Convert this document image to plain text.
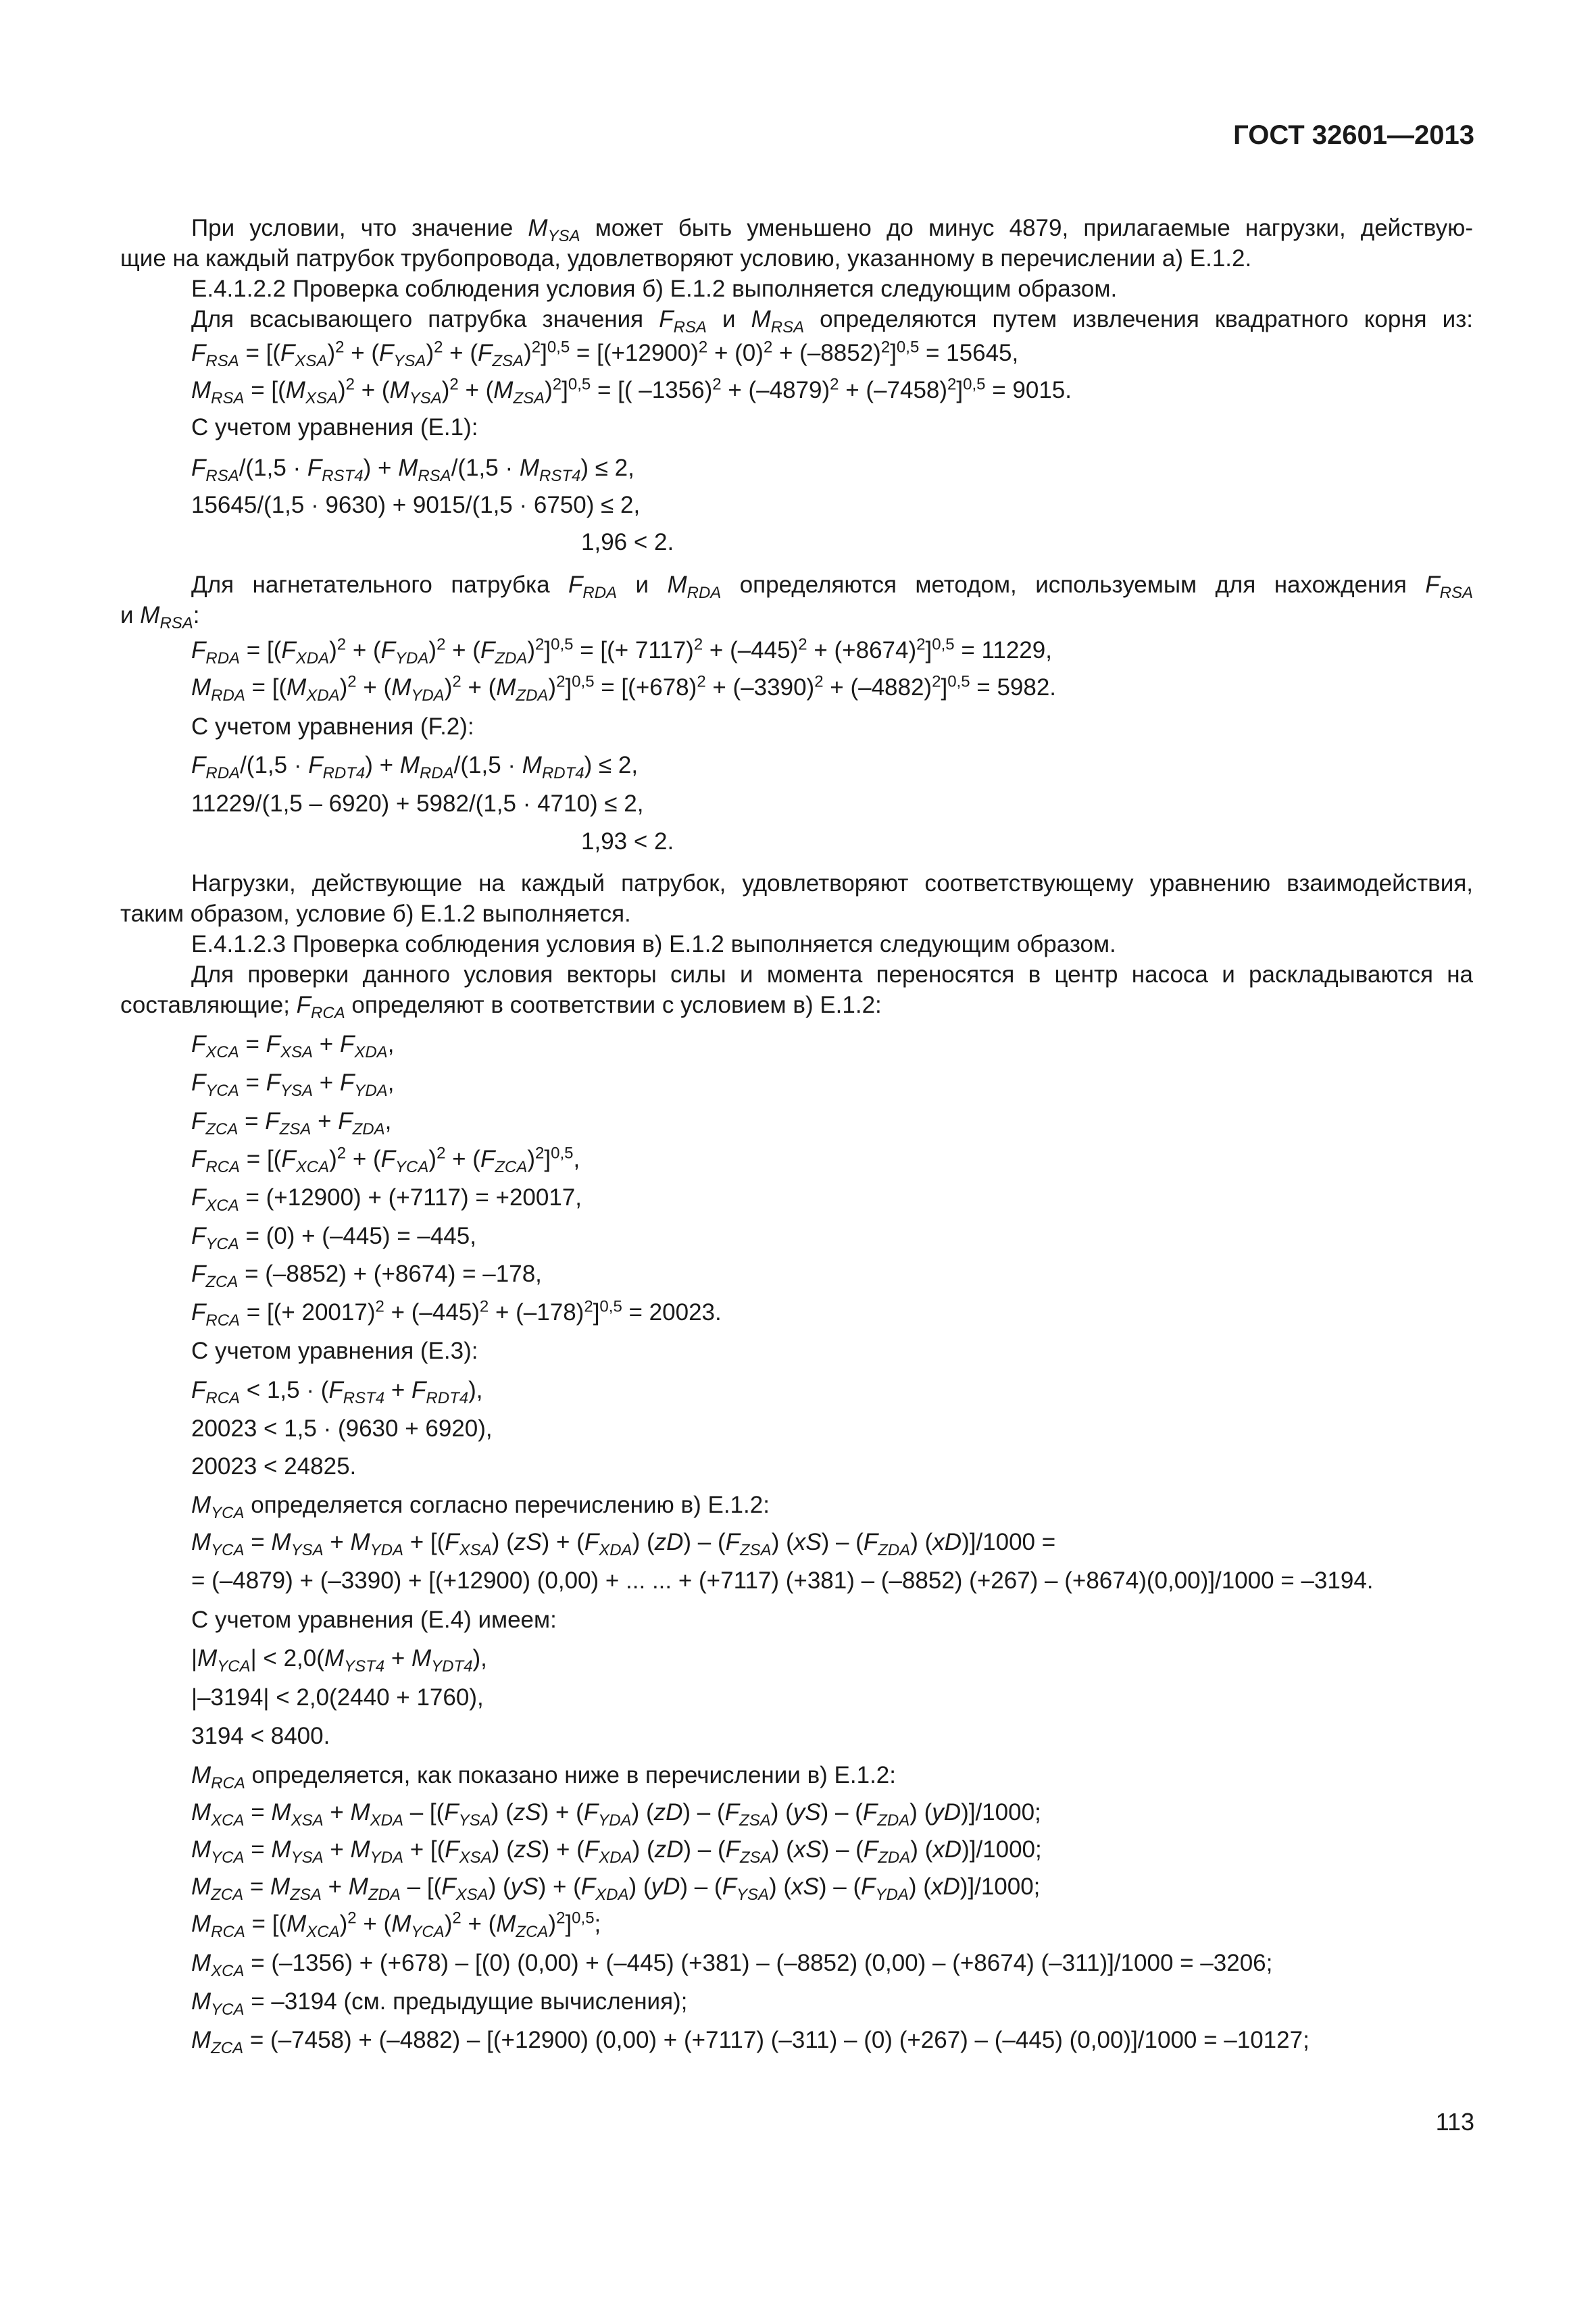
ГОСТ 32601—2013
При условии, что значение $M_{YSA}$ может быть уменьшено до минус 4879, прилагаемые нагрузки, действую-
щие на каждый патрубок трубопровода, удовлетворяют условию, указанному в перечислении а) Е.1.2.
Е.4.1.2.2 Проверка соблюдения условия б) Е.1.2 выполняется следующим образом.
Для всасывающего патрубка значения $F_{RSA}$ и $M_{RSA}$ определяются путем извлечения квадратного корня из:
$F_{RSA} = [(F_{XSA})^2 + (F_{YSA})^2 + (F_{ZSA})^2]^{0,5} = [(+12900)^2 + (0)^2 + (-8852)^2]^{0,5} = 15645$,
$M_{RSA} = [(M_{XSA})^2 + (M_{YSA})^2 + (M_{ZSA})^2]^{0,5}$ = [( $-1356)^2 + (-4879)^2 + (-7458)^2]^{0,5} = 9015$.
С учетом уравнения (Е.1):
$F_{RSA}/(1,5 \cdot F_{RST4}) + M_{RSA}/(1,5 \cdot M_{RST4}) \le 2$,
15645/(1,5 · 9630) + 9015/(1,5 · 6750) ≤ 2,
1,96 < 2.
Для нагнетательного патрубка $F_{RDA}$ и $M_{RDA}$ определяются методом, используемым для нахождения $F_{RSA}$
и $M_{RSA}$:
$F_{RDA} = [(F_{XDA})^2 + (F_{YDA})^2 + (F_{ZDA})^2]^{0,5}$ = [(+ $7117)^2 + (-445)^2 + (+8674)^2]^{0,5} = 11229$,
$M_{RDA} = [(M_{XDA})^2 + (M_{YDA})^2 + (M_{ZDA})^2]^{0,5} = [(+678)^2 + (-3390)^2 + (-4882)^2]^{0,5} = 5982$.
С учетом уравнения (F.2):
$F_{RDA}/(1,5 \cdot F_{RDT4}) + M_{RDA}/(1,5 \cdot M_{RDT4}) \le 2$,
11229/(1,5 – 6920) + 5982/(1,5 · 4710) ≤ 2,
1,93 < 2.
Нагрузки, действующие на каждый патрубок, удовлетворяют соответствующему уравнению взаимодействия,
таким образом, условие б) Е.1.2 выполняется.
Е.4.1.2.3 Проверка соблюдения условия в) Е.1.2 выполняется следующим образом.
Для проверки данного условия векторы силы и момента переносятся в центр насоса и раскладываются на
составляющие; $F_{RCA}$ определяют в соответствии с условием в) Е.1.2:
$F_{XCA} = F_{XSA} + F_{XDA}$,
$F_{YCA} = F_{YSA} + F_{YDA}$,
$F_{ZCA} = F_{ZSA} + F_{ZDA}$,
$F_{RCA} = [(F_{XCA})^2 + (F_{YCA})^2 + (F_{ZCA})^2]^{0,5}$,
$F_{XCA} = (+12900) + (+7117) = +20017$,
$F_{YCA} = (0) + (-445) = -445$,
$F_{ZCA} = (-8852) + (+8674) = -178$,
$F_{RCA}$ = [(+ $20017)^2 + (-445)^2 + (-178)^2]^{0,5} = 20023$.
С учетом уравнения (Е.3):
$F_{RCA} < 1,5 \cdot (F_{RST4} + F_{RDT4})$,
20023 < 1,5 · (9630 + 6920),
20023 < 24825.
$M_{YCA}$ определяется согласно перечислению в) Е.1.2:
$M_{YCA} = M_{YSA} + M_{YDA} + [(F_{XSA}) (zS) + (F_{XDA})$ $(zD) - (F_{ZSA})$ $(xS) - (F_{ZDA}) (xD)]/1000$ =
= (–4879) + (–3390) + [(+12900) (0,00) + ... ... + (+7117) (+381) – (–8852) (+267) – (+8674)(0,00)]/1000 = –3194.
С учетом уравнения (Е.4) имеем:
$|M_{YCA}| < 2,0(M_{YST4} + M_{YDT4})$,
|–3194| < 2,0(2440 + 1760),
3194 < 8400.
$M_{RCA}$ определяется, как показано ниже в перечислении в) Е.1.2:
$M_{XCA} = M_{XSA} + M_{XDA} - [(F_{YSA}) (zS) + (F_{YDA})$ $(zD) - (F_{ZSA})$ $(yS) - (F_{ZDA})$ (yD)]/1000;
$M_{YCA} = M_{YSA} + M_{YDA} + [(F_{XSA}) (zS) + (F_{XDA})$ $(zD) - (F_{ZSA})$ $(xS) - (F_{ZDA})$ (xD)]/1000;
$M_{ZCA} = M_{ZSA} + M_{ZDA} - [(F_{XSA}) (yS) + (F_{XDA})$ $(yD) - (F_{YSA})$ $(xS) - (F_{YDA})$ (xD)]/1000;
$M_{RCA} = [(M_{XCA})^2 + (M_{YCA})^2 + (M_{ZCA})^2]^{0,5}$;
$M_{XCA} = (-1356) + (+678) - [(0) (0,00) + (-445)$ (+381) – (–8852) (0,00) – (+8674) (–311)]/1000 = –3206;
$M_{YCA} = -3194$ (см. предыдущие вычисления);
$M_{ZCA} = (-7458) + (-4882) - [(+12900) (0,00) + (+7117)$ (–311) – (0) (+267) – (–445) (0,00)]/1000 = –10127;
113
